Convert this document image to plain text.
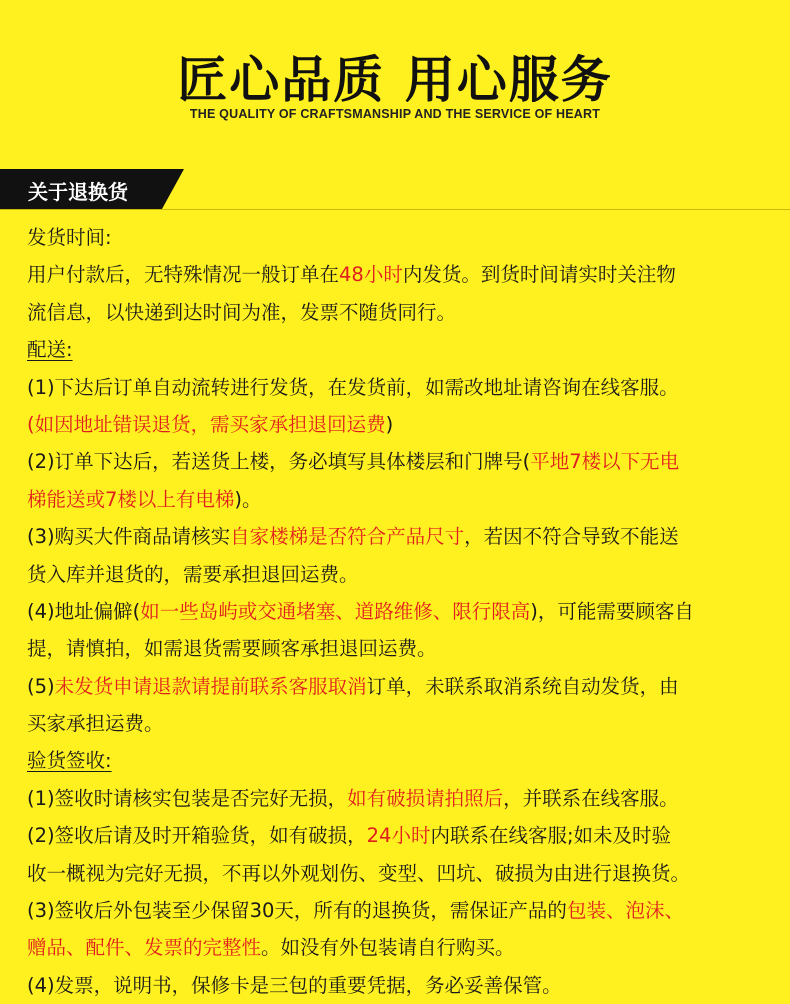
匠心品质 用心服务
THE QUALITY OF CRAFTSMANSHIP AND THE SERVICE OF HEART
关于退换货
发货时间:
用户付款后，无特殊情况一般订单在48小时内发货。到货时间请实时关注物
流信息，以快递到达时间为准，发票不随货同行。
配送:
(1)下达后订单自动流转进行发货，在发货前，如需改地址请咨询在线客服。
(如因地址错误退货，需买家承担退回运费)
(2)订单下达后，若送货上楼，务必填写具体楼层和门牌号(平地7楼以下无电
梯能送或7楼以上有电梯)。
(3)购买大件商品请核实自家楼梯是否符合产品尺寸，若因不符合导致不能送
货入库并退货的，需要承担退回运费。
(4)地址偏僻(如一些岛屿或交通堵塞、道路维修、限行限高)，可能需要顾客自
提，请慎拍，如需退货需要顾客承担退回运费。
(5)未发货申请退款请提前联系客服取消订单，未联系取消系统自动发货，由
买家承担运费。
验货签收:
(1)签收时请核实包装是否完好无损，如有破损请拍照后，并联系在线客服。
(2)签收后请及时开箱验货，如有破损，24小时内联系在线客服;如未及时验
收一概视为完好无损，不再以外观划伤、变型、凹坑、破损为由进行退换货。
(3)签收后外包装至少保留30天，所有的退换货，需保证产品的包装、泡沫、
赠品、配件、发票的完整性。如没有外包装请自行购买。
(4)发票，说明书，保修卡是三包的重要凭据，务必妥善保管。
